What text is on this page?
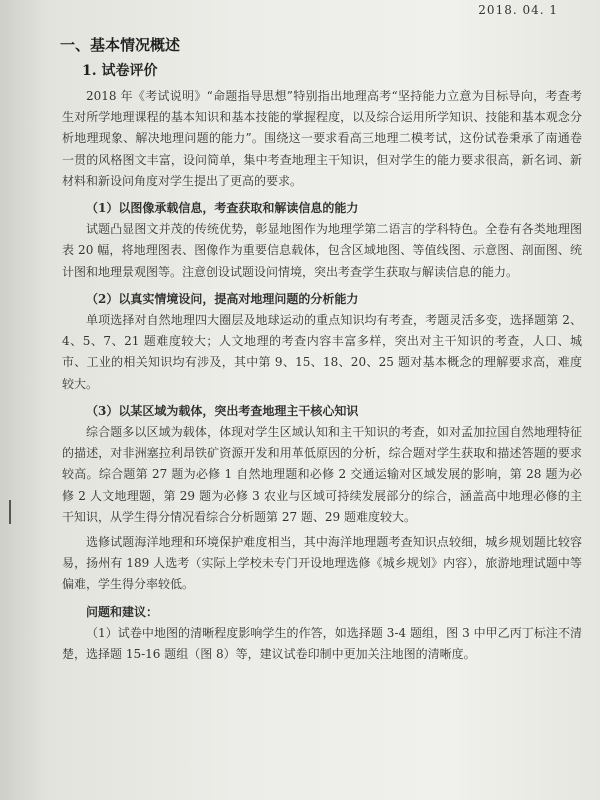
2018. 04. 1
一、基本情况概述
1. 试卷评价

2018 年《考试说明》“命题指导思想”特别指出地理高考“坚持能力立意为目标导向，考查考生对所学地理课程的基本知识和基本技能的掌握程度，以及综合运用所学知识、技能和基本观念分析地理现象、解决地理问题的能力”。围绕这一要求看高三地理二模考试，这份试卷秉承了南通卷一贯的风格图文丰富，设问简单，集中考查地理主干知识，但对学生的能力要求很高，新名词、新材料和新设问角度对学生提出了更高的要求。

（1）以图像承载信息，考查获取和解读信息的能力

试题凸显图文并茂的传统优势，彰显地图作为地理学第二语言的学科特色。全卷有各类地理图表 20 幅，将地理图表、图像作为重要信息载体，包含区域地图、等值线图、示意图、剖面图、统计图和地理景观图等。注意创设试题设问情境，突出考查学生获取与解读信息的能力。

（2）以真实情境设问，提高对地理问题的分析能力

单项选择对自然地理四大圈层及地球运动的重点知识均有考查，考题灵活多变，选择题第 2、4、5、7、21 题难度较大；人文地理的考查内容丰富多样，突出对主干知识的考查，人口、城市、工业的相关知识均有涉及，其中第 9、15、18、20、25 题对基本概念的理解要求高，难度较大。

（3）以某区域为载体，突出考查地理主干核心知识

综合题多以区域为载体，体现对学生区域认知和主干知识的考查，如对孟加拉国自然地理特征的描述，对非洲塞拉利昂铁矿资源开发和用革低原因的分析，综合题对学生获取和描述答题的要求较高。综合题第 27 题为必修 1 自然地理题和必修 2 交通运输对区域发展的影响，第 28 题为必修 2 人文地理题，第 29 题为必修 3 农业与区域可持续发展部分的综合，涵盖高中地理必修的主干知识，从学生得分情况看综合分析题第 27 题、29 题难度较大。

选修试题海洋地理和环境保护难度相当，其中海洋地理题考查知识点较细，城乡规划题比较容易，扬州有 189 人选考（实际上学校未专门开设地理选修《城乡规划》内容），旅游地理试题中等偏难，学生得分率较低。

问题和建议：

（1）试卷中地图的清晰程度影响学生的作答，如选择题 3-4 题组，图 3 中甲乙丙丁标注不清楚，选择题 15-16 题组（图 8）等，建议试卷印制中更加关注地图的清晰度。
